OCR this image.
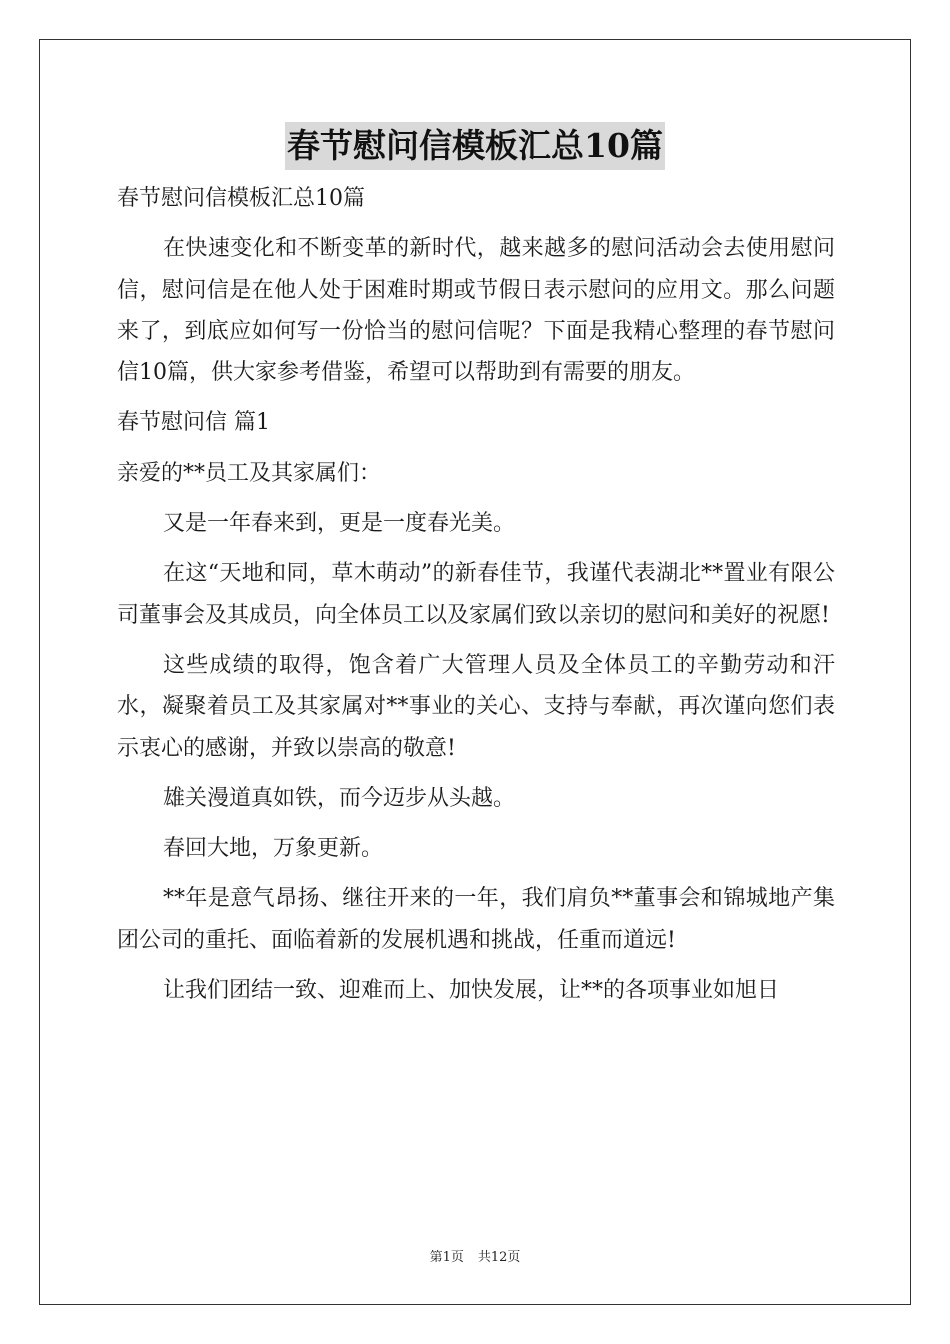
春节慰问信模板汇总10篇

春节慰问信模板汇总10篇

在快速变化和不断变革的新时代，越来越多的慰问活动会去使用慰问信，慰问信是在他人处于困难时期或节假日表示慰问的应用文。那么问题来了，到底应如何写一份恰当的慰问信呢？下面是我精心整理的春节慰问信10篇，供大家参考借鉴，希望可以帮助到有需要的朋友。

春节慰问信 篇1

亲爱的**员工及其家属们：

又是一年春来到，更是一度春光美。

在这“天地和同，草木萌动”的新春佳节，我谨代表湖北**置业有限公司董事会及其成员，向全体员工以及家属们致以亲切的慰问和美好的祝愿!

这些成绩的取得，饱含着广大管理人员及全体员工的辛勤劳动和汗水，凝聚着员工及其家属对**事业的关心、支持与奉献，再次谨向您们表示衷心的感谢，并致以崇高的敬意!

雄关漫道真如铁，而今迈步从头越。

春回大地，万象更新。

**年是意气昂扬、继往开来的一年，我们肩负**董事会和锦城地产集团公司的重托、面临着新的发展机遇和挑战，任重而道远!

让我们团结一致、迎难而上、加快发展，让**的各项事业如旭日

第1页 共12页
